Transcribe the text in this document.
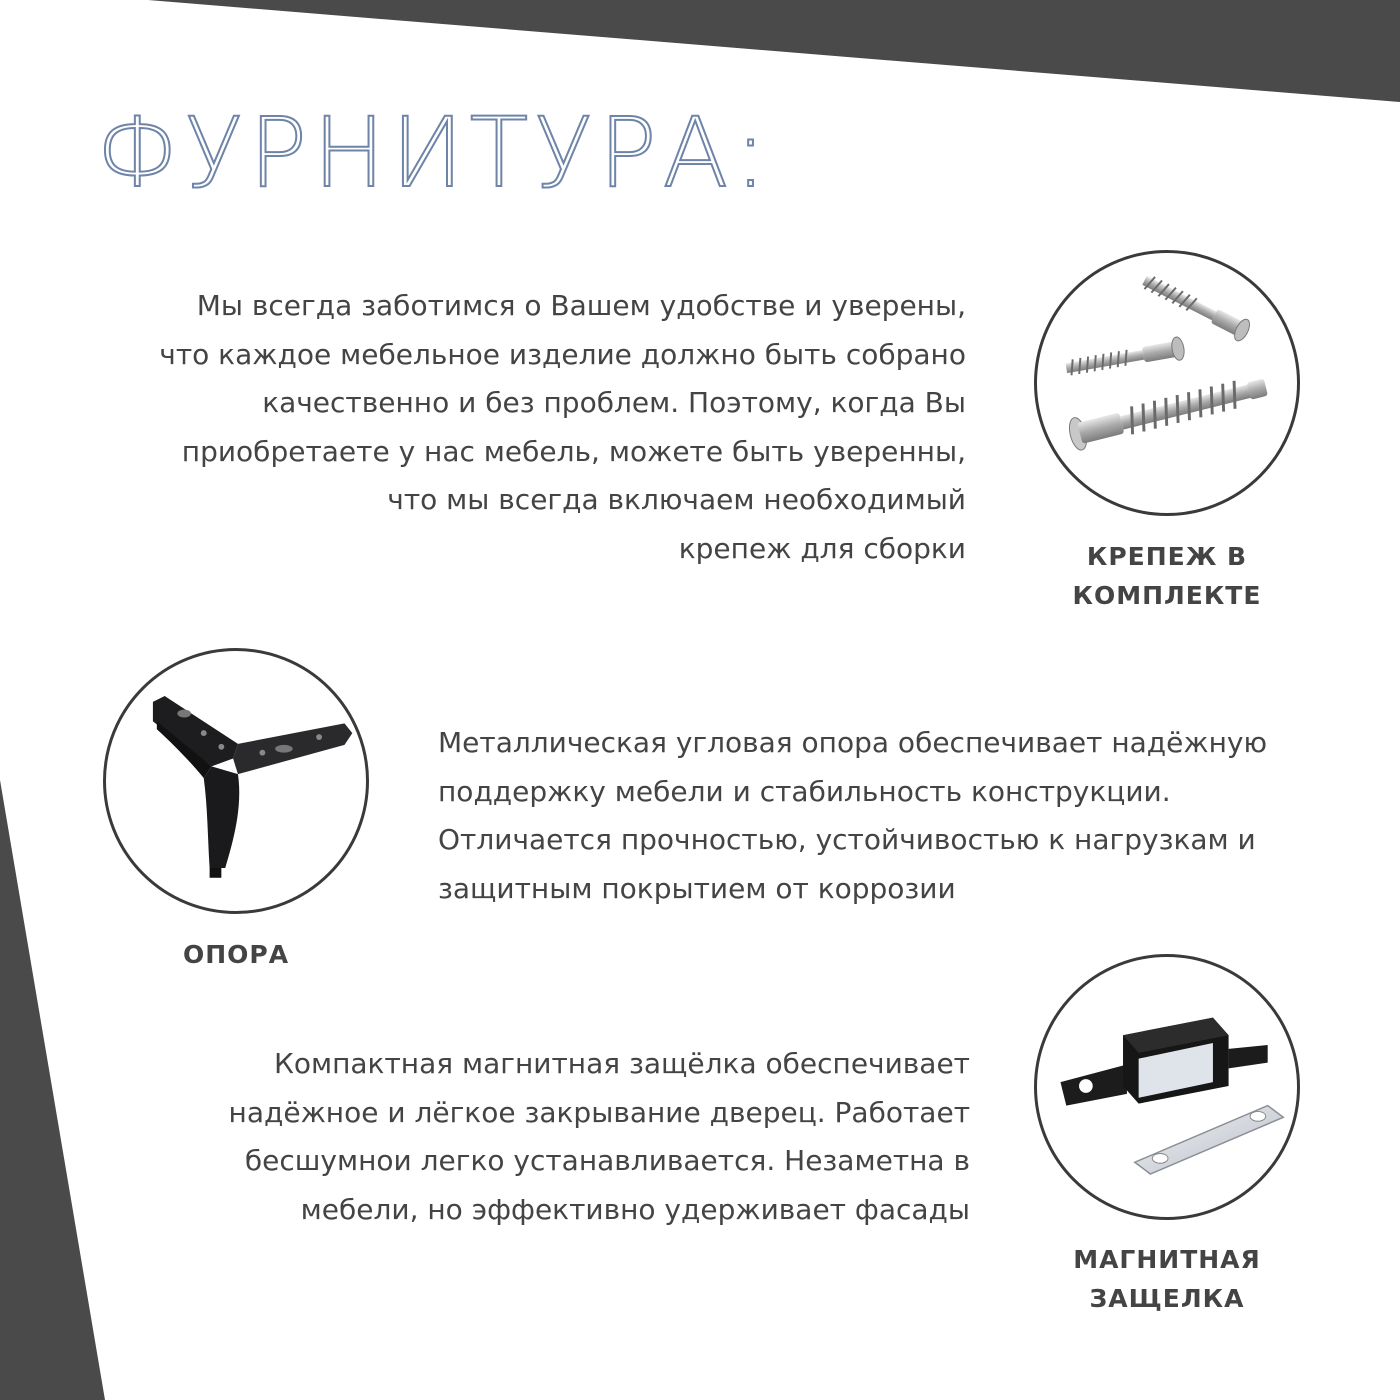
ФУРНИТУРА:
Мы всегда заботимся о Вашем удобстве и уверены,
что каждое мебельное изделие должно быть собрано
качественно и без проблем. Поэтому, когда Вы
приобретаете у нас мебель, можете быть уверенны,
что мы всегда включаем необходимый
крепеж для сборки	КРЕПЕЖ В
КОМПЛЕКТЕ
Металлическая угловая опора обеспечивает надёжную
поддержку мебели и стабильность конструкции.
Отличается прочностью, устойчивостью к нагрузкам и
защитным покрытием от коррозии
ОПОРА
Компактная магнитная защёлка обеспечивает
надёжное и лёгкое закрывание дверец. Работает
бесшумнои легко устанавливается. Незаметна в
мебели, но эффективно удерживает фасады
МАГНИТНАЯ
ЗАЩЕЛКА
